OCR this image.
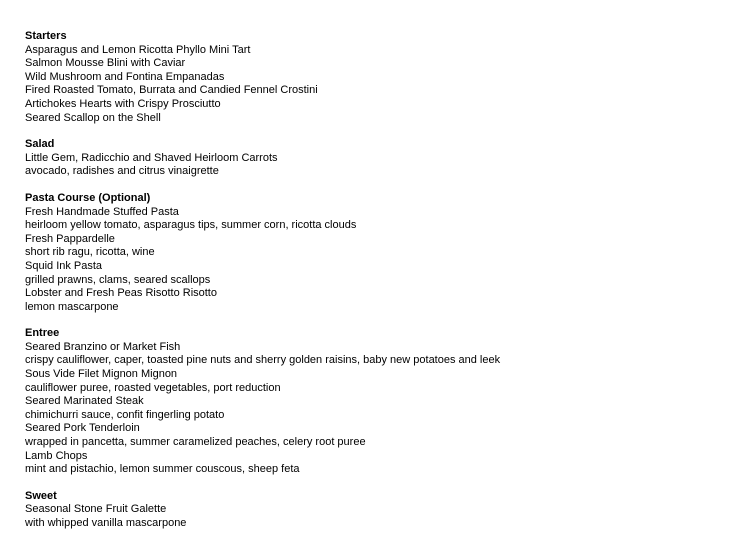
Starters
Asparagus and Lemon Ricotta Phyllo Mini Tart
Salmon Mousse Blini with Caviar
Wild Mushroom and Fontina Empanadas
Fired Roasted Tomato, Burrata and Candied Fennel Crostini
Artichokes Hearts with Crispy Prosciutto
Seared Scallop on the Shell
Salad
Little Gem, Radicchio and Shaved Heirloom Carrots
avocado, radishes and citrus vinaigrette
Pasta Course (Optional)
Fresh Handmade Stuffed Pasta
heirloom yellow tomato, asparagus tips, summer corn, ricotta clouds
Fresh Pappardelle
short rib ragu, ricotta, wine
Squid Ink Pasta
grilled prawns, clams, seared scallops
Lobster and Fresh Peas Risotto Risotto
lemon mascarpone
Entree
Seared Branzino or Market Fish
crispy cauliflower, caper, toasted pine nuts and sherry golden raisins, baby new potatoes and leek
Sous Vide Filet Mignon Mignon
cauliflower puree, roasted vegetables, port reduction
Seared Marinated Steak
chimichurri sauce, confit fingerling potato
Seared Pork Tenderloin
wrapped in pancetta, summer caramelized peaches, celery root puree
Lamb Chops
mint and pistachio, lemon summer couscous, sheep feta
Sweet
Seasonal Stone Fruit Galette
with whipped vanilla mascarpone
